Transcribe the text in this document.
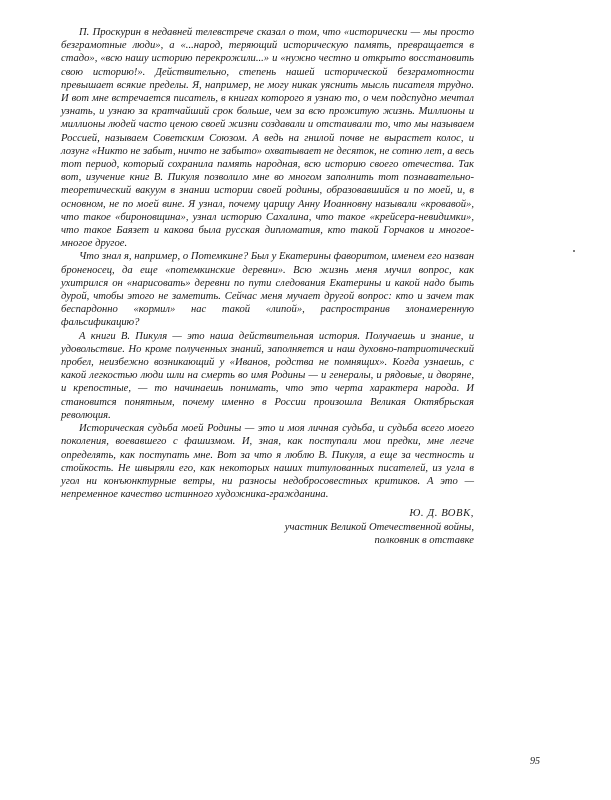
П. Проскурин в недавней телевстрече сказал о том, что «исторически — мы просто безграмотные люди», а «...народ, теряющий историческую память, превращается в стадо», «всю нашу историю перекрожили...» и «нужно честно и открыто восстановить свою историю!». Действительно, степень нашей исторической безграмотности превышает всякие пределы. Я, например, не могу никак уяснить мысль писателя трудно. И вот мне встречается писатель, в книгах которого я узнаю то, о чем подспудно мечтал узнать, и узнаю за кратчайший срок больше, чем за всю прожитую жизнь. Миллионы и миллионы людей часто ценою своей жизни создавали и отстаивали то, что мы называем Россией, называем Советским Союзом. А ведь на гнилой почве не вырастет колос, и лозунг «Никто не забыт, ничто не забыто» охватывает не десяток, не сотню лет, а весь тот период, который сохранила память народная, всю историю своего отечества. Так вот, изучение книг В. Пикуля позволило мне во многом заполнить тот познавательно-теоретический вакуум в знании истории своей родины, образовавшийся и по моей, и, в основном, не по моей вине. Я узнал, почему царицу Анну Иоанновну называли «кровавой», что такое «бироновщина», узнал историю Сахалина, что такое «крейсера-невидимки», что такое Баязет и какова была русская дипломатия, кто такой Горчаков и многое-многое другое.

Что знал я, например, о Потемкине? Был у Екатерины фаворитом, именем его назван броненосец, да еще «потемкинские деревни». Всю жизнь меня мучил вопрос, как ухитрился он «нарисовать» деревни по пути следования Екатерины и какой надо быть дурой, чтобы этого не заметить. Сейчас меня мучает другой вопрос: кто и зачем так беспардонно «кормил» нас такой «липой», распространив злонамеренную фальсификацию?

А книги В. Пикуля — это наша действительная история. Получаешь и знание, и удовольствие. Но кроме полученных знаний, заполняется и наш духовно-патриотический пробел, неизбежно возникающий у «Иванов, родства не помнящих». Когда узнаешь, с какой легкостью люди шли на смерть во имя Родины — и генералы, и рядовые, и дворяне, и крепостные, — то начинаешь понимать, что это черта характера народа. И становится понятным, почему именно в России произошла Великая Октябрьская революция.

Историческая судьба моей Родины — это и моя личная судьба, и судьба всего моего поколения, воевавшего с фашизмом. И, зная, как поступали мои предки, мне легче определять, как поступать мне. Вот за что я люблю В. Пикуля, а еще за честность и стойкость. Не швыряли его, как некоторых наших титулованных писателей, из угла в угол ни конъюнктурные ветры, ни разносы недобросовестных критиков. А это — непременное качество истинного художника-гражданина.

Ю. Д. ВОВК,
участник Великой Отечественной войны,
полковник в отставке
95
